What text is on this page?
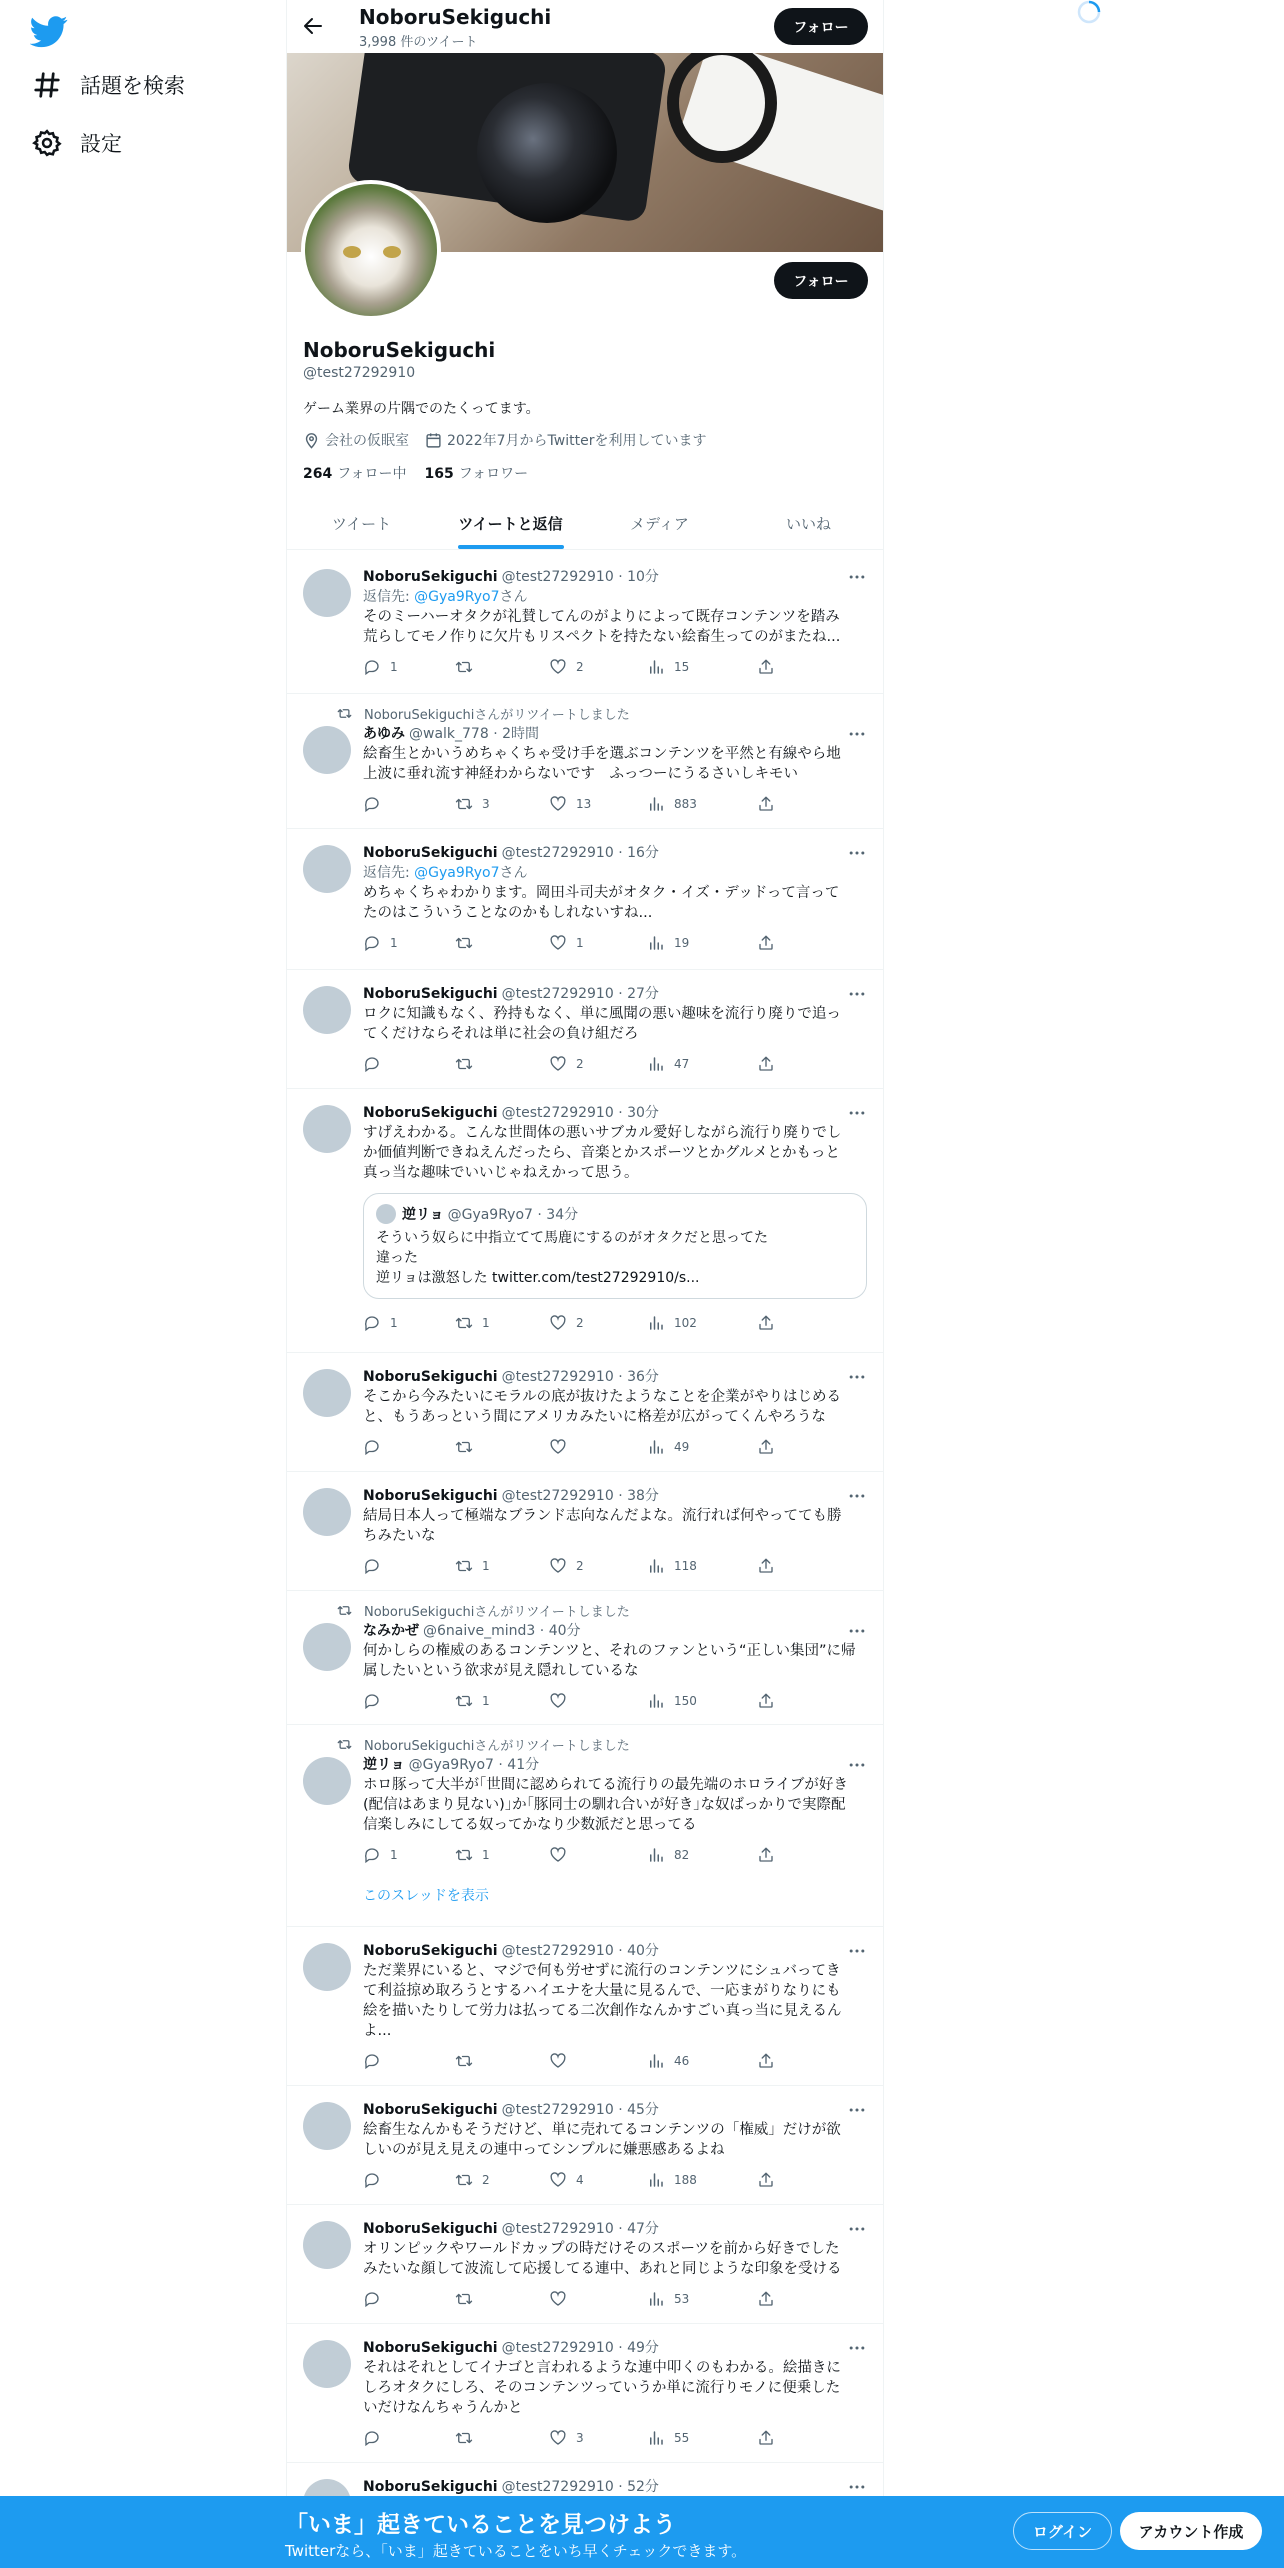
話題を検索
設定
NoboruSekiguchi
3,998 件のツイート
フォロー
フォロー
NoboruSekiguchi
@test27292910
ゲーム業界の片隅でのたくってます。
会社の仮眠室	2022年7月からTwitterを利用しています
264 フォロー中 165 フォロワー
ツイート	ツイートと返信	メディア	いいね
NoboruSekiguchi @test27292910 · 10分
返信先: @Gya9Ryo7さん
そのミーハーオタクが礼賛してんのがよりによって既存コンテンツを踏み
荒らしてモノ作りに欠片もリスペクトを持たない絵畜生ってのがまたね...
1	2	15
NoboruSekiguchiさんがリツイートしました
あゆみ @walk_778 · 2時間
絵畜生とかいうめちゃくちゃ受け手を選ぶコンテンツを平然と有線やら地
上波に垂れ流す神経わからないです　ふっつーにうるさいしキモい
3	13	883
NoboruSekiguchi @test27292910 · 16分
返信先: @Gya9Ryo7さん
めちゃくちゃわかります。岡田斗司夫がオタク・イズ・デッドって言って
たのはこういうことなのかもしれないすね...
1	1	19
NoboruSekiguchi @test27292910 · 27分
ロクに知識もなく、矜持もなく、単に風聞の悪い趣味を流行り廃りで追っ
てくだけならそれは単に社会の負け組だろ
2	47
NoboruSekiguchi @test27292910 · 30分
すげえわかる。こんな世間体の悪いサブカル愛好しながら流行り廃りでし
か価値判断できねえんだったら、音楽とかスポーツとかグルメとかもっと
真っ当な趣味でいいじゃねえかって思う。
逆リョ @Gya9Ryo7 · 34分
そういう奴らに中指立てて馬鹿にするのがオタクだと思ってた
違った
逆リョは激怒した twitter.com/test27292910/s...
1	1	2	102
NoboruSekiguchi @test27292910 · 36分
そこから今みたいにモラルの底が抜けたようなことを企業がやりはじめる
と、もうあっという間にアメリカみたいに格差が広がってくんやろうな
49
NoboruSekiguchi @test27292910 · 38分
結局日本人って極端なブランド志向なんだよな。流行れば何やってても勝
ちみたいな
1	2	118
NoboruSekiguchiさんがリツイートしました
なみかぜ @6naive_mind3 · 40分
何かしらの権威のあるコンテンツと、それのファンという“正しい集団”に帰
属したいという欲求が見え隠れしているな
1	150
NoboruSekiguchiさんがリツイートしました
逆リョ @Gya9Ryo7 · 41分
ホロ豚って大半が｢世間に認められてる流行りの最先端のホロライブが好き
(配信はあまり見ない)｣か｢豚同士の馴れ合いが好き｣な奴ばっかりで実際配
信楽しみにしてる奴ってかなり少数派だと思ってる
1	1	82
このスレッドを表示
NoboruSekiguchi @test27292910 · 40分
ただ業界にいると、マジで何も労せずに流行のコンテンツにシュバってき
て利益掠め取ろうとするハイエナを大量に見るんで、一応まがりなりにも
絵を描いたりして労力は払ってる二次創作なんかすごい真っ当に見えるん
よ...
46
NoboruSekiguchi @test27292910 · 45分
絵畜生なんかもそうだけど、単に売れてるコンテンツの「権威」だけが欲
しいのが見え見えの連中ってシンプルに嫌悪感あるよね
2	4	188
NoboruSekiguchi @test27292910 · 47分
オリンピックやワールドカップの時だけそのスポーツを前から好きでした
みたいな顔して波流して応援してる連中、あれと同じような印象を受ける
53
NoboruSekiguchi @test27292910 · 49分
それはそれとしてイナゴと言われるような連中叩くのもわかる。絵描きに
しろオタクにしろ、そのコンテンツっていうか単に流行りモノに便乗した
いだけなんちゃうんかと
3	55
NoboruSekiguchi @test27292910 · 52分
「いま」起きていることを見つけよう
Twitterなら、「いま」起きていることをいち早くチェックできます。
ログイン	アカウント作成
